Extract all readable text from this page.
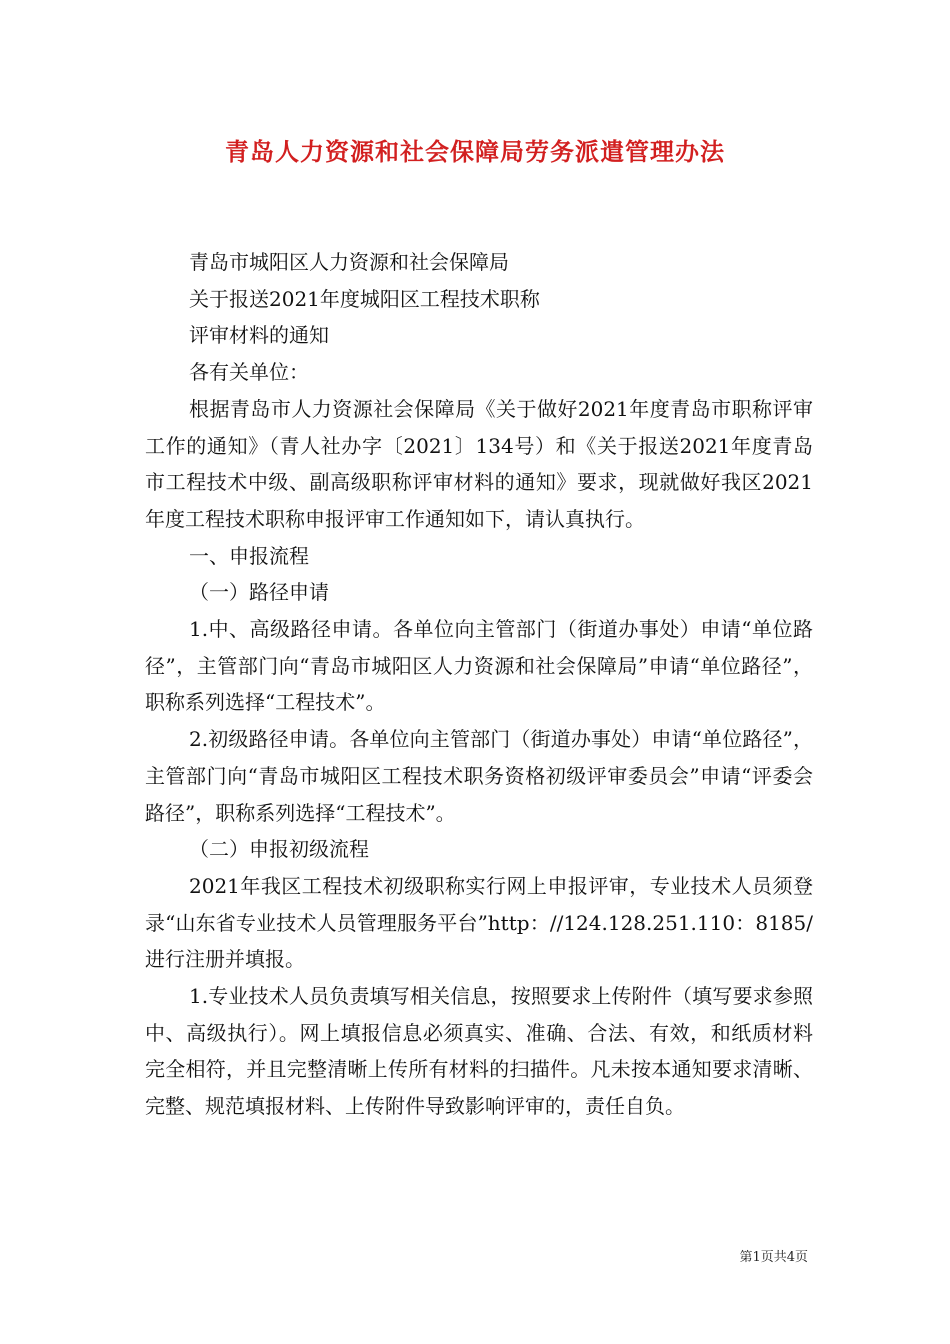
青岛人力资源和社会保障局劳务派遣管理办法

青岛市城阳区人力资源和社会保障局

关于报送2021年度城阳区工程技术职称

评审材料的通知

各有关单位：

根据青岛市人力资源社会保障局《关于做好2021年度青岛市职称评审工作的通知》（青人社办字〔2021〕134号）和《关于报送2021年度青岛市工程技术中级、副高级职称评审材料的通知》要求，现就做好我区2021年度工程技术职称申报评审工作通知如下，请认真执行。

一、申报流程

（一）路径申请

1.中、高级路径申请。各单位向主管部门（街道办事处）申请“单位路径”，主管部门向“青岛市城阳区人力资源和社会保障局”申请“单位路径”，职称系列选择“工程技术”。

2.初级路径申请。各单位向主管部门（街道办事处）申请“单位路径”，主管部门向“青岛市城阳区工程技术职务资格初级评审委员会”申请“评委会路径”，职称系列选择“工程技术”。

（二）申报初级流程

2021年我区工程技术初级职称实行网上申报评审，专业技术人员须登录“山东省专业技术人员管理服务平台”http：//124.128.251.110：8185/进行注册并填报。

1.专业技术人员负责填写相关信息，按照要求上传附件（填写要求参照中、高级执行）。网上填报信息必须真实、准确、合法、有效，和纸质材料完全相符，并且完整清晰上传所有材料的扫描件。凡未按本通知要求清晰、完整、规范填报材料、上传附件导致影响评审的，责任自负。

第1页共4页
